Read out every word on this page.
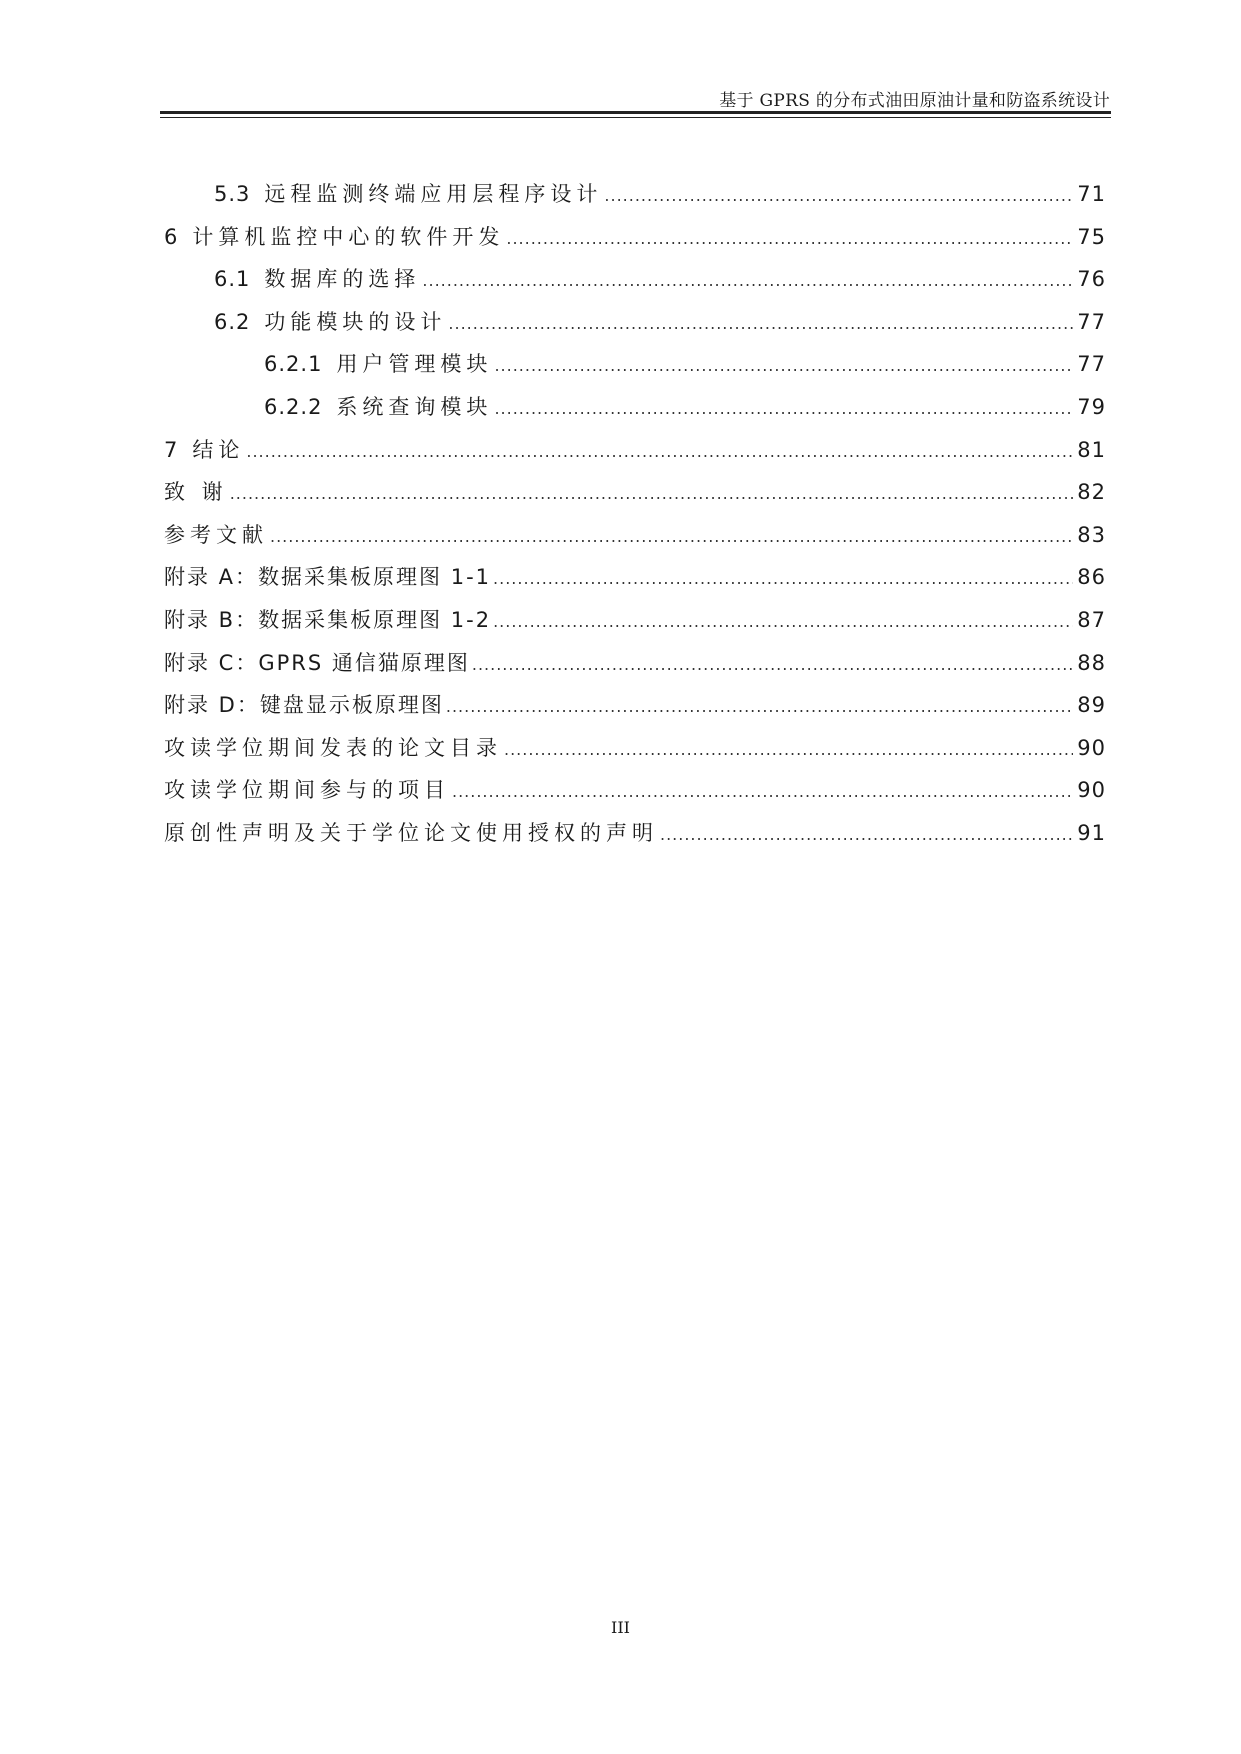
基于 GPRS 的分布式油田原油计量和防盗系统设计
5.3 远程监测终端应用层程序设计 .....	71
6 计算机监控中心的软件开发 .....	75
6.1 数据库的选择 .....	76
6.2 功能模块的设计 .....	77
6.2.1 用户管理模块 .....	77
6.2.2 系统查询模块 .....	79
7 结论 .....	81
致 谢 .....	82
参考文献 .....	83
附录 A：数据采集板原理图 1-1 .....	86
附录 B：数据采集板原理图 1-2 .....	87
附录 C：GPRS 通信猫原理图 .....	88
附录 D：键盘显示板原理图 .....	89
攻读学位期间发表的论文目录 .....	90
攻读学位期间参与的项目 .....	90
原创性声明及关于学位论文使用授权的声明 .....	91
III
